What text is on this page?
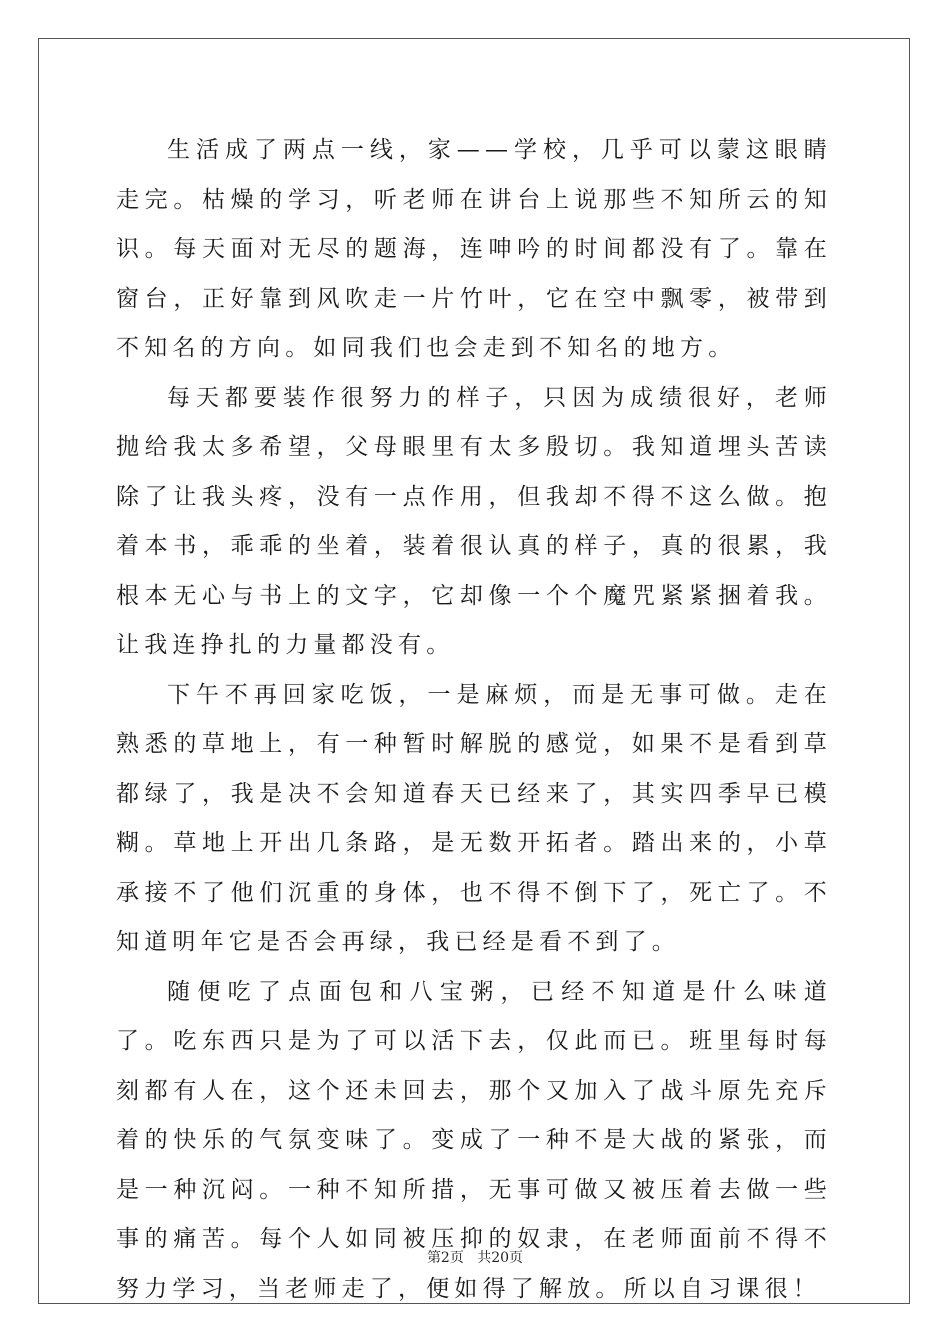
生活成了两点一线，家——学校，几乎可以蒙这眼睛走完。枯燥的学习，听老师在讲台上说那些不知所云的知识。每天面对无尽的题海，连呻吟的时间都没有了。靠在窗台，正好靠到风吹走一片竹叶，它在空中飘零，被带到不知名的方向。如同我们也会走到不知名的地方。

每天都要装作很努力的样子，只因为成绩很好，老师抛给我太多希望，父母眼里有太多殷切。我知道埋头苦读除了让我头疼，没有一点作用，但我却不得不这么做。抱着本书，乖乖的坐着，装着很认真的样子，真的很累，我根本无心与书上的文字，它却像一个个魔咒紧紧捆着我。让我连挣扎的力量都没有。

下午不再回家吃饭，一是麻烦，而是无事可做。走在熟悉的草地上，有一种暂时解脱的感觉，如果不是看到草都绿了，我是决不会知道春天已经来了，其实四季早已模糊。草地上开出几条路，是无数开拓者。踏出来的，小草承接不了他们沉重的身体，也不得不倒下了，死亡了。不知道明年它是否会再绿，我已经是看不到了。

随便吃了点面包和八宝粥，已经不知道是什么味道了。吃东西只是为了可以活下去，仅此而已。班里每时每刻都有人在，这个还未回去，那个又加入了战斗原先充斥着的快乐的气氛变味了。变成了一种不是大战的紧张，而是一种沉闷。一种不知所措，无事可做又被压着去做一些事的痛苦。每个人如同被压抑的奴隶，在老师面前不得不努力学习，当老师走了，便如得了解放。所以自习课很！

第2页 共20页
